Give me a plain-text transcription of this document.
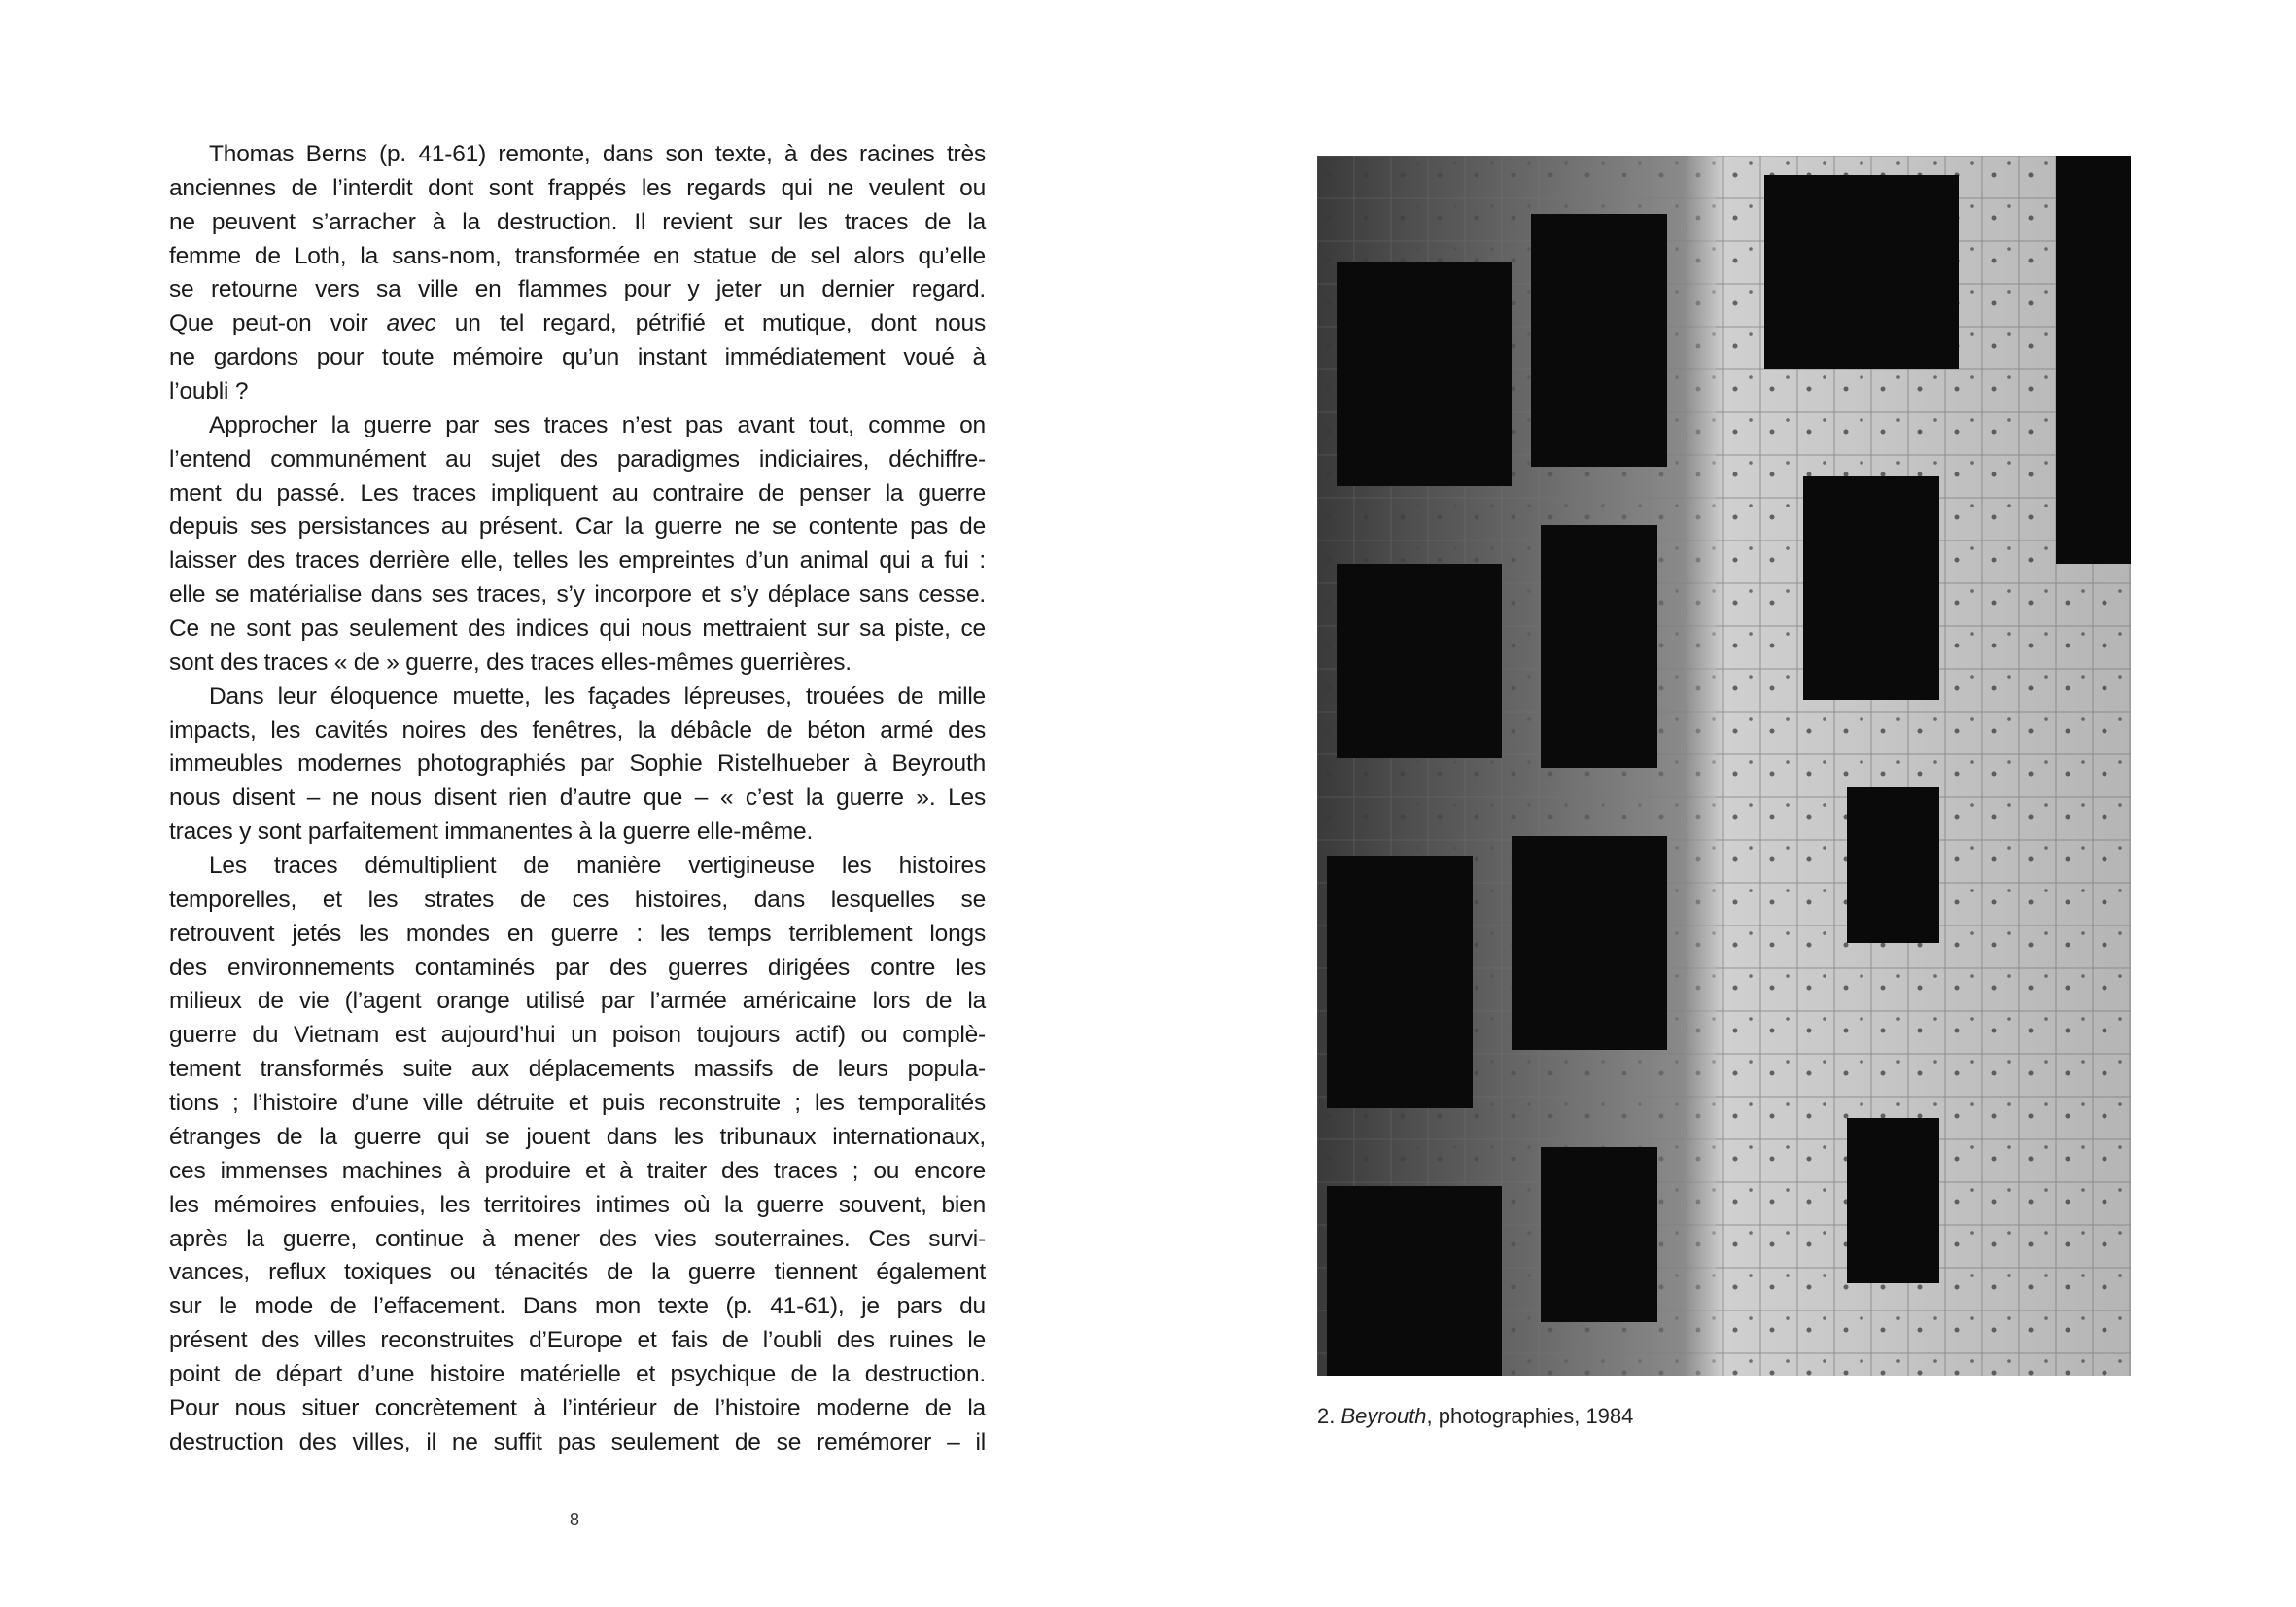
Thomas Berns (p. 41-61) remonte, dans son texte, à des racines très
anciennes de l’interdit dont sont frappés les regards qui ne veulent ou
ne peuvent s’arracher à la destruction. Il revient sur les traces de la
femme de Loth, la sans-nom, transformée en statue de sel alors qu’elle
se retourne vers sa ville en flammes pour y jeter un dernier regard.
Que peut-on voir avec un tel regard, pétrifié et mutique, dont nous
ne gardons pour toute mémoire qu’un instant immédiatement voué à
l’oubli ?
Approcher la guerre par ses traces n’est pas avant tout, comme on
l’entend communément au sujet des paradigmes indiciaires, déchiffre-
ment du passé. Les traces impliquent au contraire de penser la guerre
depuis ses persistances au présent. Car la guerre ne se contente pas de
laisser des traces derrière elle, telles les empreintes d’un animal qui a fui :
elle se matérialise dans ses traces, s’y incorpore et s’y déplace sans cesse.
Ce ne sont pas seulement des indices qui nous mettraient sur sa piste, ce
sont des traces « de » guerre, des traces elles-mêmes guerrières.
Dans leur éloquence muette, les façades lépreuses, trouées de mille
impacts, les cavités noires des fenêtres, la débâcle de béton armé des
immeubles modernes photographiés par Sophie Ristelhueber à Beyrouth
nous disent – ne nous disent rien d’autre que – « c’est la guerre ». Les
traces y sont parfaitement immanentes à la guerre elle-même.
Les traces démultiplient de manière vertigineuse les histoires
temporelles, et les strates de ces histoires, dans lesquelles se
retrouvent jetés les mondes en guerre : les temps terriblement longs
des environnements contaminés par des guerres dirigées contre les
milieux de vie (l’agent orange utilisé par l’armée américaine lors de la
guerre du Vietnam est aujourd’hui un poison toujours actif) ou complè-
tement transformés suite aux déplacements massifs de leurs popula-
tions ; l’histoire d’une ville détruite et puis reconstruite ; les temporalités
étranges de la guerre qui se jouent dans les tribunaux internationaux,
ces immenses machines à produire et à traiter des traces ; ou encore
les mémoires enfouies, les territoires intimes où la guerre souvent, bien
après la guerre, continue à mener des vies souterraines. Ces survi-
vances, reflux toxiques ou ténacités de la guerre tiennent également
sur le mode de l’effacement. Dans mon texte (p. 41-61), je pars du
présent des villes reconstruites d’Europe et fais de l’oubli des ruines le
point de départ d’une histoire matérielle et psychique de la destruction.
Pour nous situer concrètement à l’intérieur de l’histoire moderne de la
destruction des villes, il ne suffit pas seulement de se remémorer – il
2. Beyrouth, photographies, 1984
8
